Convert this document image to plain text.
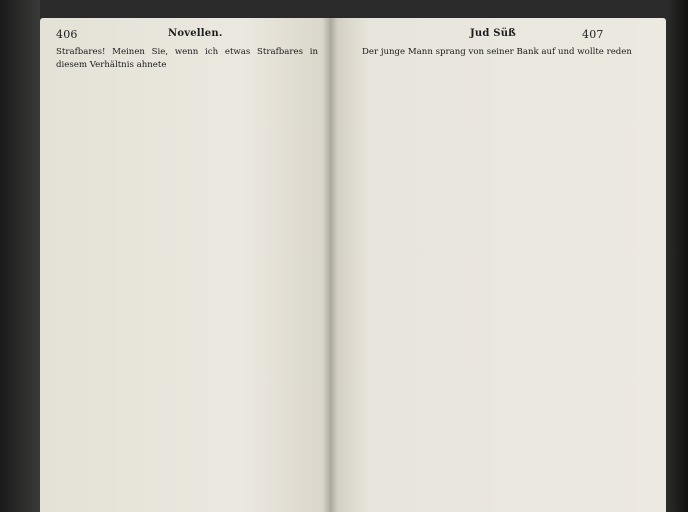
406	Novellen.	Jud Süß	407

Strafbares! Meinen Sie, wenn ich etwas Strafbares in diesem Verhältnis ahnete

Der junge Mann sprang von seiner Bank auf und wollte reden
